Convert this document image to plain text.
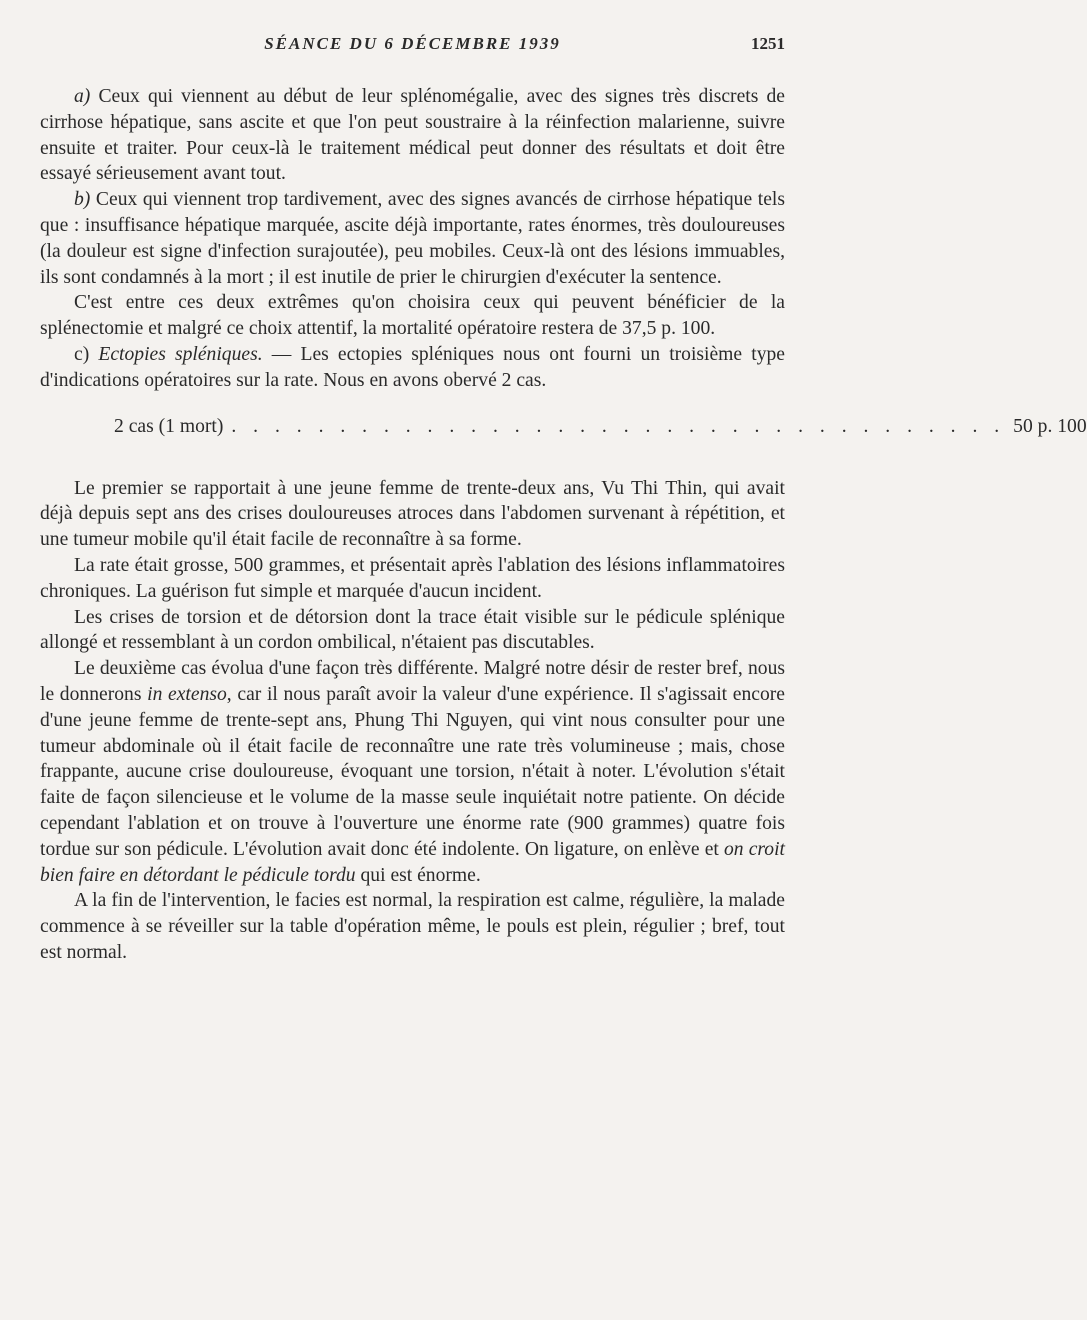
SÉANCE DU 6 DÉCEMBRE 1939	1251

a) Ceux qui viennent au début de leur splénomégalie, avec des signes très discrets de cirrhose hépatique, sans ascite et que l'on peut soustraire à la réinfection malarienne, suivre ensuite et traiter. Pour ceux-là le traitement médical peut donner des résultats et doit être essayé sérieusement avant tout.

b) Ceux qui viennent trop tardivement, avec des signes avancés de cirrhose hépatique tels que : insuffisance hépatique marquée, ascite déjà importante, rates énormes, très douloureuses (la douleur est signe d'infection surajoutée), peu mobiles. Ceux-là ont des lésions immuables, ils sont condamnés à la mort ; il est inutile de prier le chirurgien d'exécuter la sentence.

C'est entre ces deux extrêmes qu'on choisira ceux qui peuvent bénéficier de la splénectomie et malgré ce choix attentif, la mortalité opératoire restera de 37,5 p. 100.

c) Ectopies spléniques. — Les ectopies spléniques nous ont fourni un troisième type d'indications opératoires sur la rate. Nous en avons obervé 2 cas.

2 cas (1 mort) . . . . . . . . . . . . . . . . . . . . . . . . . . . . . . . . . . . . 50 p. 100

Le premier se rapportait à une jeune femme de trente-deux ans, Vu Thi Thin, qui avait déjà depuis sept ans des crises douloureuses atroces dans l'abdomen survenant à répétition, et une tumeur mobile qu'il était facile de reconnaître à sa forme.

La rate était grosse, 500 grammes, et présentait après l'ablation des lésions inflammatoires chroniques. La guérison fut simple et marquée d'aucun incident.

Les crises de torsion et de détorsion dont la trace était visible sur le pédicule splénique allongé et ressemblant à un cordon ombilical, n'étaient pas discutables.

Le deuxième cas évolua d'une façon très différente. Malgré notre désir de rester bref, nous le donnerons in extenso, car il nous paraît avoir la valeur d'une expérience. Il s'agissait encore d'une jeune femme de trente-sept ans, Phung Thi Nguyen, qui vint nous consulter pour une tumeur abdominale où il était facile de reconnaître une rate très volumineuse ; mais, chose frappante, aucune crise douloureuse, évoquant une torsion, n'était à noter. L'évolution s'était faite de façon silencieuse et le volume de la masse seule inquiétait notre patiente. On décide cependant l'ablation et on trouve à l'ouverture une énorme rate (900 grammes) quatre fois tordue sur son pédicule. L'évolution avait donc été indolente. On ligature, on enlève et on croit bien faire en détordant le pédicule tordu qui est énorme.

A la fin de l'intervention, le facies est normal, la respiration est calme, régulière, la malade commence à se réveiller sur la table d'opération même, le pouls est plein, régulier ; bref, tout est normal.
